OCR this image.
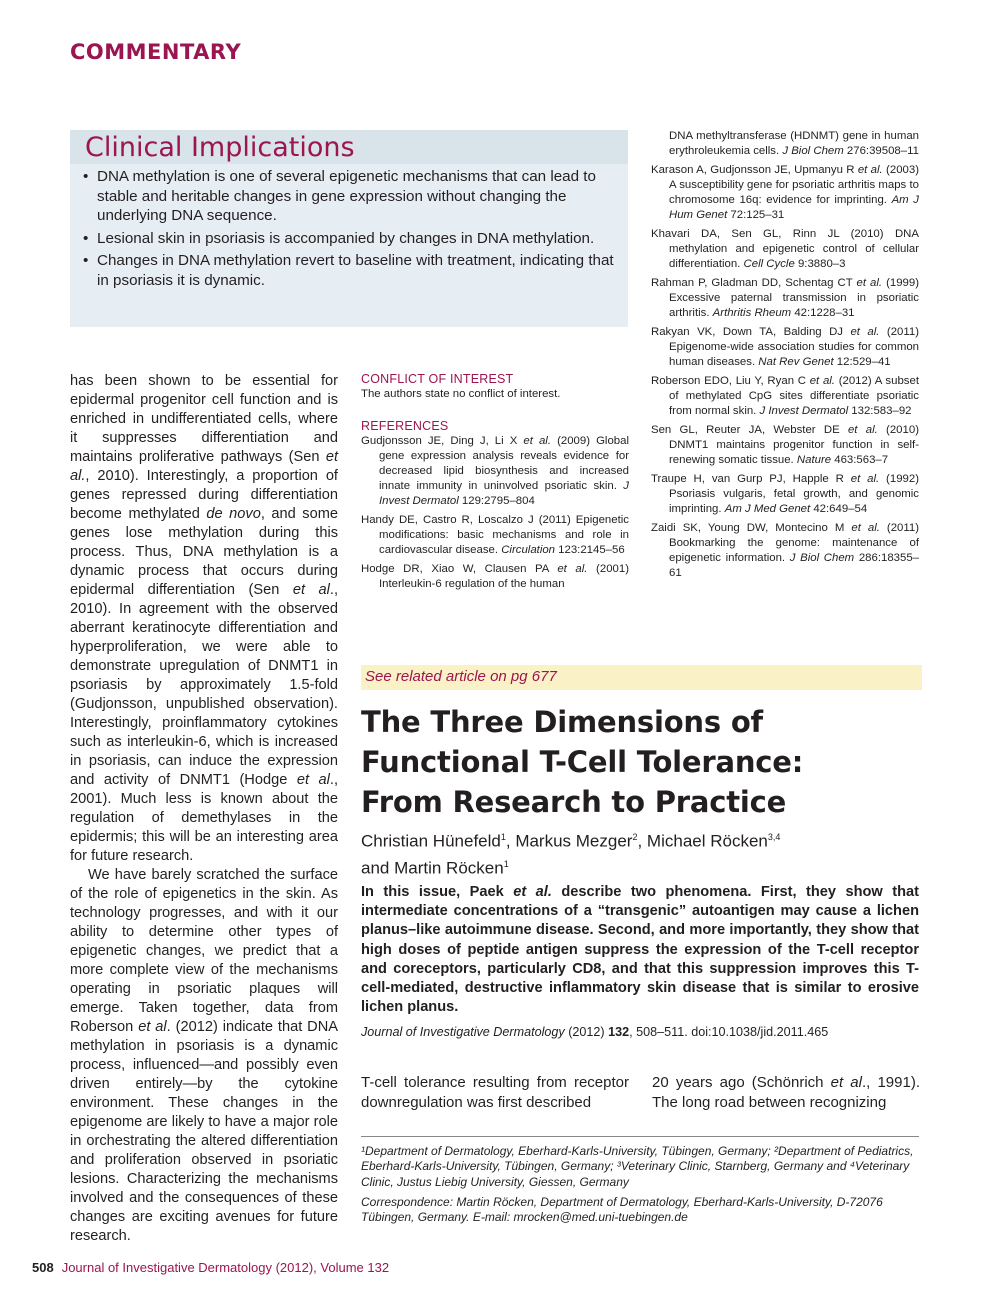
COMMENTARY
Clinical Implications
• DNA methylation is one of several epigenetic mechanisms that can lead to stable and heritable changes in gene expression without changing the underlying DNA sequence.
• Lesional skin in psoriasis is accompanied by changes in DNA methylation.
• Changes in DNA methylation revert to baseline with treatment, indicating that in psoriasis it is dynamic.

has been shown to be essential for epidermal progenitor cell function and is enriched in undifferentiated cells, where it suppresses differentiation and maintains proliferative pathways (Sen et al., 2010). Interestingly, a proportion of genes repressed during differentiation become methylated de novo, and some genes lose methylation during this process. Thus, DNA methylation is a dynamic process that occurs during epidermal differentiation (Sen et al., 2010). In agreement with the observed aberrant keratinocyte differentiation and hyperproliferation, we were able to demonstrate upregulation of DNMT1 in psoriasis by approximately 1.5-fold (Gudjonsson, unpublished observation). Interestingly, proinflammatory cytokines such as interleukin-6, which is increased in psoriasis, can induce the expression and activity of DNMT1 (Hodge et al., 2001). Much less is known about the regulation of demethylases in the epidermis; this will be an interesting area for future research.

We have barely scratched the surface of the role of epigenetics in the skin. As technology progresses, and with it our ability to determine other types of epigenetic changes, we predict that a more complete view of the mechanisms operating in psoriatic plaques will emerge. Taken together, data from Roberson et al. (2012) indicate that DNA methylation in psoriasis is a dynamic process, influenced—and possibly even driven entirely—by the cytokine environment. These changes in the epigenome are likely to have a major role in orchestrating the altered differentiation and proliferation observed in psoriatic lesions. Characterizing the mechanisms involved and the consequences of these changes are exciting avenues for future research.

CONFLICT OF INTEREST
The authors state no conflict of interest.
REFERENCES

Gudjonsson JE, Ding J, Li X et al. (2009) Global gene expression analysis reveals evidence for decreased lipid biosynthesis and increased innate immunity in uninvolved psoriatic skin. J Invest Dermatol 129:2795–804

Handy DE, Castro R, Loscalzo J (2011) Epigenetic modifications: basic mechanisms and role in cardiovascular disease. Circulation 123:2145–56

Hodge DR, Xiao W, Clausen PA et al. (2001) Interleukin-6 regulation of the human

DNA methyltransferase (HDNMT) gene in human erythroleukemia cells. J Biol Chem 276:39508–11

Karason A, Gudjonsson JE, Upmanyu R et al. (2003) A susceptibility gene for psoriatic arthritis maps to chromosome 16q: evidence for imprinting. Am J Hum Genet 72:125–31

Khavari DA, Sen GL, Rinn JL (2010) DNA methylation and epigenetic control of cellular differentiation. Cell Cycle 9:3880–3

Rahman P, Gladman DD, Schentag CT et al. (1999) Excessive paternal transmission in psoriatic arthritis. Arthritis Rheum 42:1228–31

Rakyan VK, Down TA, Balding DJ et al. (2011) Epigenome-wide association studies for common human diseases. Nat Rev Genet 12:529–41

Roberson EDO, Liu Y, Ryan C et al. (2012) A subset of methylated CpG sites differentiate psoriatic from normal skin. J Invest Dermatol 132:583–92

Sen GL, Reuter JA, Webster DE et al. (2010) DNMT1 maintains progenitor function in self-renewing somatic tissue. Nature 463:563–7

Traupe H, van Gurp PJ, Happle R et al. (1992) Psoriasis vulgaris, fetal growth, and genomic imprinting. Am J Med Genet 42:649–54

Zaidi SK, Young DW, Montecino M et al. (2011) Bookmarking the genome: maintenance of epigenetic information. J Biol Chem 286:18355–61

See related article on pg 677
The Three Dimensions of
Functional T-Cell Tolerance:
From Research to Practice
Christian Hünefeld$^1$, Markus Mezger$^2$, Michael Röcken$^{3,4}$
and Martin Röcken$^1$
In this issue, Paek et al. describe two phenomena. First, they show that intermediate concentrations of a “transgenic” autoantigen may cause a lichen planus–like autoimmune disease. Second, and more importantly, they show that high doses of peptide antigen suppress the expression of the T-cell receptor and coreceptors, particularly CD8, and that this suppression improves this T-cell-mediated, destructive inflammatory skin disease that is similar to erosive lichen planus.
Journal of Investigative Dermatology (2012) 132, 508–511. doi:10.1038/jid.2011.465
T-cell tolerance resulting from receptor downregulation was first described
20 years ago (Schönrich et al., 1991). The long road between recognizing

¹Department of Dermatology, Eberhard-Karls-University, Tübingen, Germany; ²Department of Pediatrics, Eberhard-Karls-University, Tübingen, Germany; ³Veterinary Clinic, Starnberg, Germany and ⁴Veterinary Clinic, Justus Liebig University, Giessen, Germany

Correspondence: Martin Röcken, Department of Dermatology, Eberhard-Karls-University, D-72076 Tübingen, Germany. E-mail: mrocken@med.uni-tuebingen.de

508 Journal of Investigative Dermatology (2012), Volume 132
